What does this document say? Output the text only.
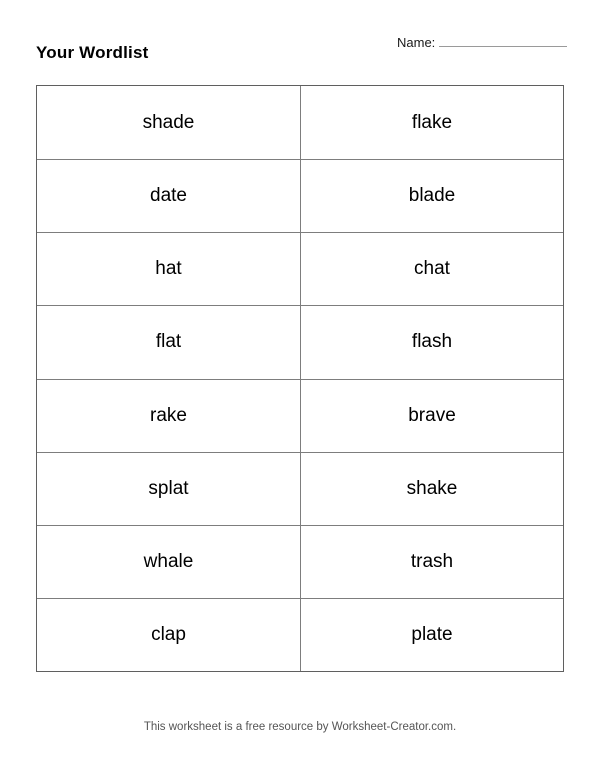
Your Wordlist
Name:
shade	flake
date	blade
hat	chat
flat	flash
rake	brave
splat	shake
whale	trash
clap	plate
This worksheet is a free resource by Worksheet-Creator.com.
